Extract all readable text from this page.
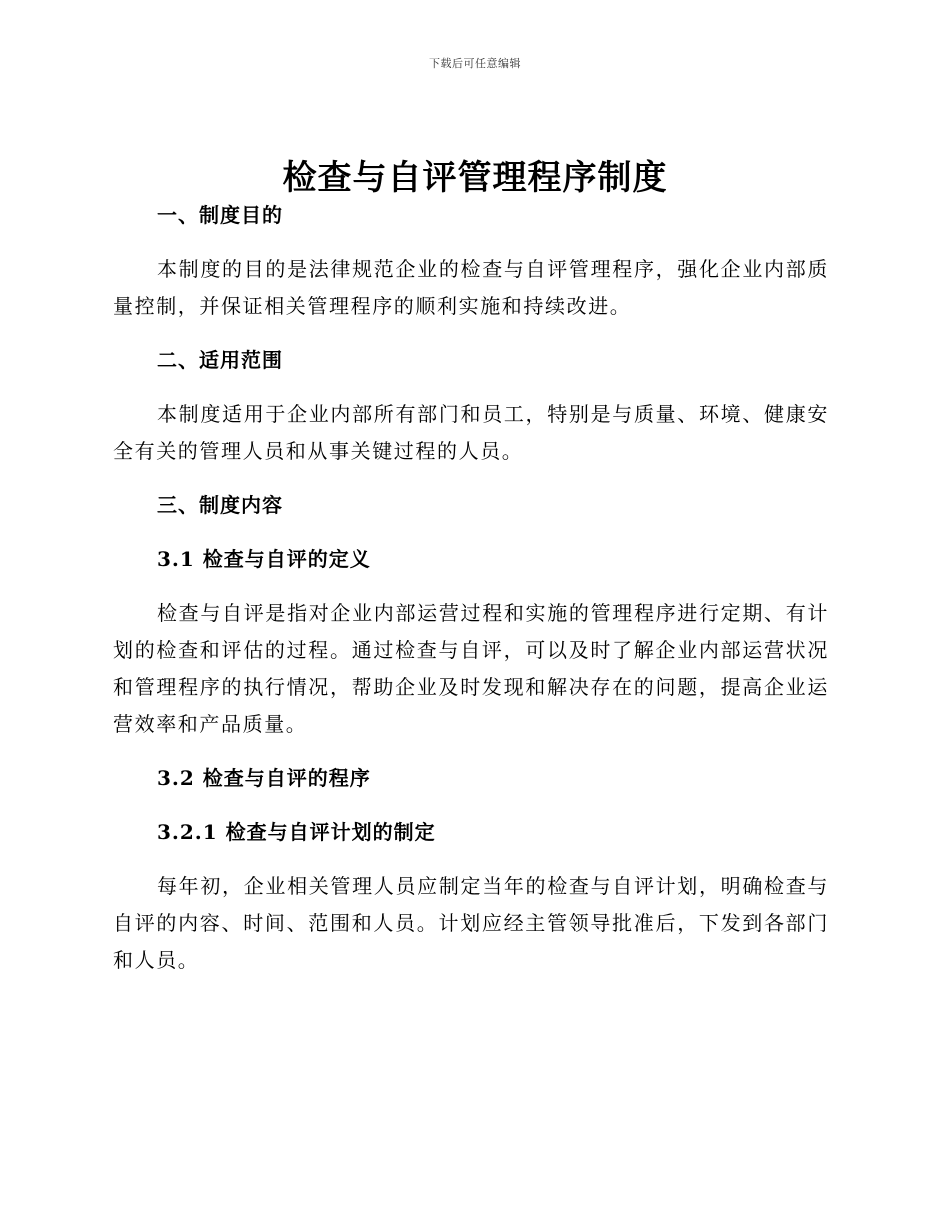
下载后可任意编辑
检查与自评管理程序制度

一、制度目的

本制度的目的是法律规范企业的检查与自评管理程序，强化企业内部质量控制，并保证相关管理程序的顺利实施和持续改进。

二、适用范围

本制度适用于企业内部所有部门和员工，特别是与质量、环境、健康安全有关的管理人员和从事关键过程的人员。

三、制度内容

3.1 检查与自评的定义

检查与自评是指对企业内部运营过程和实施的管理程序进行定期、有计划的检查和评估的过程。通过检查与自评，可以及时了解企业内部运营状况和管理程序的执行情况，帮助企业及时发现和解决存在的问题，提高企业运营效率和产品质量。

3.2 检查与自评的程序

3.2.1 检查与自评计划的制定

每年初，企业相关管理人员应制定当年的检查与自评计划，明确检查与自评的内容、时间、范围和人员。计划应经主管领导批准后，下发到各部门和人员。
